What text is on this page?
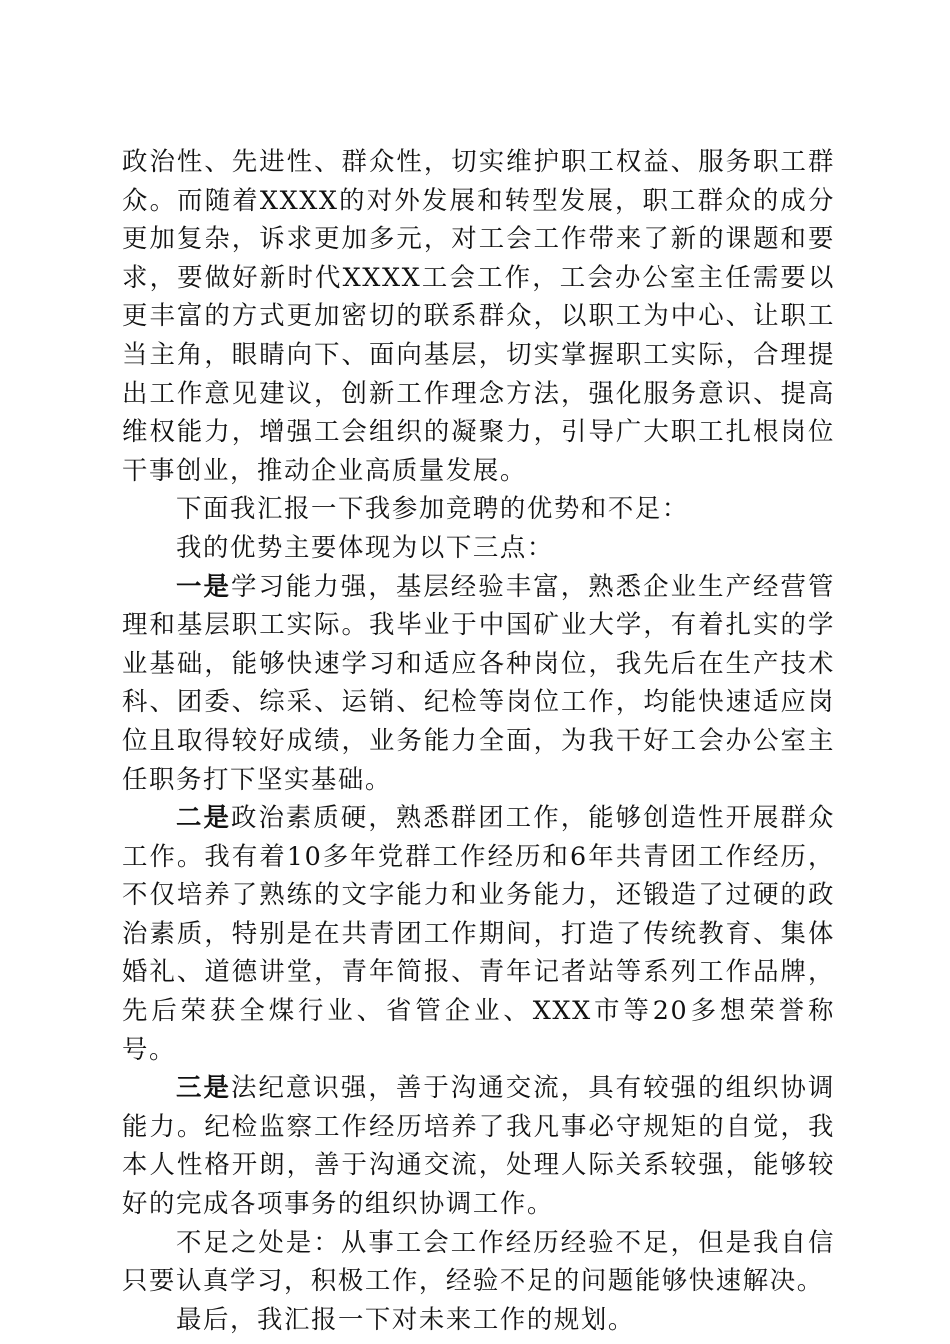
政治性、先进性、群众性，切实维护职工权益、服务职工群众。而随着XXXX的对外发展和转型发展，职工群众的成分更加复杂，诉求更加多元，对工会工作带来了新的课题和要求，要做好新时代XXXX工会工作，工会办公室主任需要以更丰富的方式更加密切的联系群众，以职工为中心、让职工当主角，眼睛向下、面向基层，切实掌握职工实际，合理提出工作意见建议，创新工作理念方法，强化服务意识、提高维权能力，增强工会组织的凝聚力，引导广大职工扎根岗位干事创业，推动企业高质量发展。

下面我汇报一下我参加竞聘的优势和不足：

我的优势主要体现为以下三点：

一是学习能力强，基层经验丰富，熟悉企业生产经营管理和基层职工实际。我毕业于中国矿业大学，有着扎实的学业基础，能够快速学习和适应各种岗位，我先后在生产技术科、团委、综采、运销、纪检等岗位工作，均能快速适应岗位且取得较好成绩，业务能力全面，为我干好工会办公室主任职务打下坚实基础。

二是政治素质硬，熟悉群团工作，能够创造性开展群众工作。我有着10多年党群工作经历和6年共青团工作经历，不仅培养了熟练的文字能力和业务能力，还锻造了过硬的政治素质，特别是在共青团工作期间，打造了传统教育、集体婚礼、道德讲堂，青年简报、青年记者站等系列工作品牌，先后荣获全煤行业、省管企业、XXX市等20多想荣誉称号。

三是法纪意识强，善于沟通交流，具有较强的组织协调能力。纪检监察工作经历培养了我凡事必守规矩的自觉，我本人性格开朗，善于沟通交流，处理人际关系较强，能够较好的完成各项事务的组织协调工作。

不足之处是：从事工会工作经历经验不足，但是我自信只要认真学习，积极工作，经验不足的问题能够快速解决。

最后，我汇报一下对未来工作的规划。
